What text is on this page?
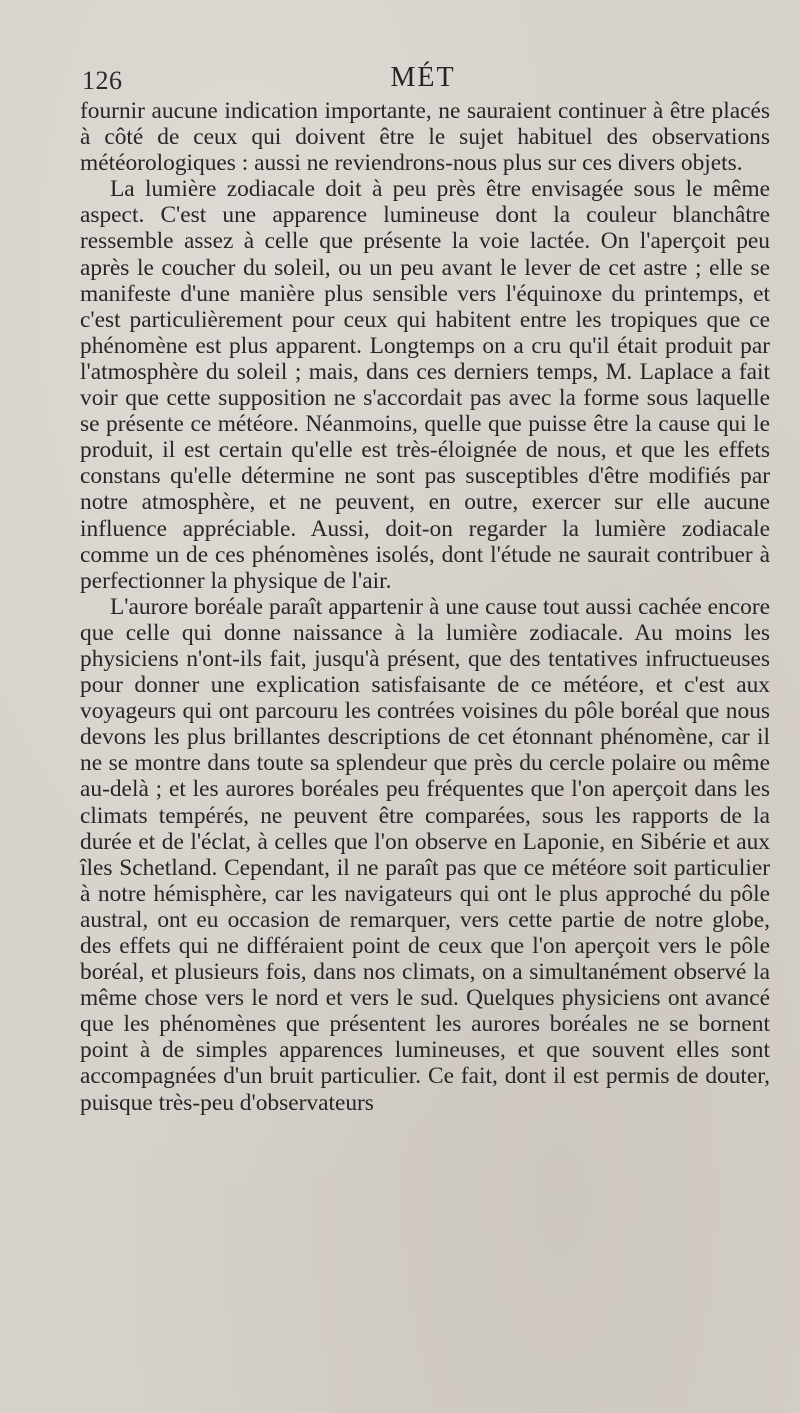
126	MÉT

fournir aucune indication importante, ne sauraient continuer à être placés à côté de ceux qui doivent être le sujet habituel des observations météorologiques : aussi ne reviendrons-nous plus sur ces divers objets.

La lumière zodiacale doit à peu près être envisagée sous le même aspect. C'est une apparence lumineuse dont la couleur blanchâtre ressemble assez à celle que présente la voie lactée. On l'aperçoit peu après le coucher du soleil, ou un peu avant le lever de cet astre ; elle se manifeste d'une manière plus sensible vers l'équinoxe du printemps, et c'est particulièrement pour ceux qui habitent entre les tropiques que ce phénomène est plus apparent. Longtemps on a cru qu'il était produit par l'atmosphère du soleil ; mais, dans ces derniers temps, M. Laplace a fait voir que cette supposition ne s'accordait pas avec la forme sous laquelle se présente ce météore. Néanmoins, quelle que puisse être la cause qui le produit, il est certain qu'elle est très-éloignée de nous, et que les effets constans qu'elle détermine ne sont pas susceptibles d'être modifiés par notre atmosphère, et ne peuvent, en outre, exercer sur elle aucune influence appréciable. Aussi, doit-on regarder la lumière zodiacale comme un de ces phénomènes isolés, dont l'étude ne saurait contribuer à perfectionner la physique de l'air.

L'aurore boréale paraît appartenir à une cause tout aussi cachée encore que celle qui donne naissance à la lumière zodiacale. Au moins les physiciens n'ont-ils fait, jusqu'à présent, que des tentatives infructueuses pour donner une explication satisfaisante de ce météore, et c'est aux voyageurs qui ont parcouru les contrées voisines du pôle boréal que nous devons les plus brillantes descriptions de cet étonnant phénomène, car il ne se montre dans toute sa splendeur que près du cercle polaire ou même au-delà ; et les aurores boréales peu fréquentes que l'on aperçoit dans les climats tempérés, ne peuvent être comparées, sous les rapports de la durée et de l'éclat, à celles que l'on observe en Laponie, en Sibérie et aux îles Schetland. Cependant, il ne paraît pas que ce météore soit particulier à notre hémisphère, car les navigateurs qui ont le plus approché du pôle austral, ont eu occasion de remarquer, vers cette partie de notre globe, des effets qui ne différaient point de ceux que l'on aperçoit vers le pôle boréal, et plusieurs fois, dans nos climats, on a simultanément observé la même chose vers le nord et vers le sud. Quelques physiciens ont avancé que les phénomènes que présentent les aurores boréales ne se bornent point à de simples apparences lumineuses, et que souvent elles sont accompagnées d'un bruit particulier. Ce fait, dont il est permis de douter, puisque très-peu d'observateurs
